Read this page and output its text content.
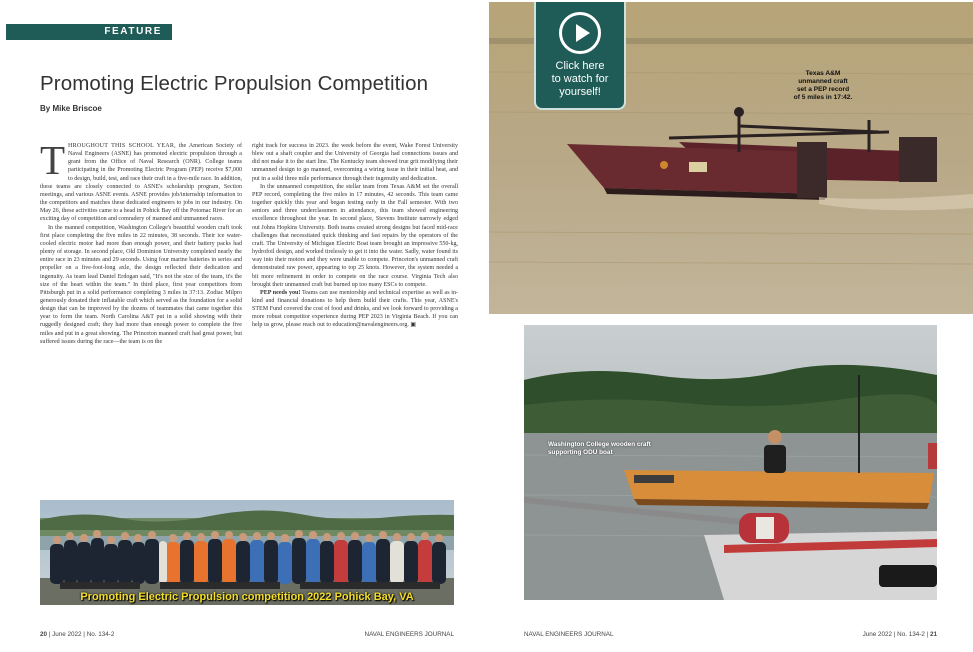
FEATURE
Promoting Electric Propulsion Competition
By Mike Briscoe

THROUGHOUT THIS SCHOOL YEAR, the American Society of Naval Engineers (ASNE) has promoted electric propulsion through a grant from the Office of Naval Research (ONR). College teams participating in the Promoting Electric Program (PEP) receive $7,000 to design, build, test, and race their craft in a five-mile race. In addition, these teams are closely connected to ASNE's scholarship program, Section meetings, and various ASNE events. ASNE provides job/internship information to the competitors and matches these dedicated engineers to jobs in our industry. On May 26, these activities came to a head in Pohick Bay off the Potomac River for an exciting day of competition and comradery of manned and unmanned races.

In the manned competition, Washington College's beautiful wooden craft took first place completing the five miles in 22 minutes, 38 seconds. Their ice water-cooled electric motor had more than enough power, and their battery packs had plenty of storage. In second place, Old Dominion University completed nearly the entire race in 23 minutes and 29 seconds. Using four marine batteries in series and propeller on a five-foot-long axle, the design reflected their dedication and ingenuity. As team lead Daniel Erdogan said, "It's not the size of the team, it's the size of the heart within the team." In third place, first year competitors from Pittsburgh put in a solid performance completing 3 miles in 37:13. Zodiac Milpro generously donated their inflatable craft which served as the foundation for a solid design that can be improved by the dozens of teammates that came together this year to form the team. North Carolina A&T put in a solid showing with their ruggedly designed craft; they had more than enough power to complete the five miles and put in a great showing. The Princeton manned craft had great power, but suffered issues during the race—the team is on the

right track for success in 2023. the week before the event, Wake Forest University blew out a shaft coupler and the University of Georgia had connections issues and did not make it to the start line. The Kentucky team showed true grit modifying their unmanned design to go manned, overcoming a wiring issue in their initial heat, and put in a solid three mile performance through their ingenuity and dedication.

In the unmanned competition, the stellar team from Texas A&M set the overall PEP record, completing the five miles in 17 minutes, 42 seconds. This team came together quickly this year and began testing early in the Fall semester. With two seniors and three underclassmen in attendance, this team showed engineering excellence throughout the year. In second place, Stevens Institute narrowly edged out Johns Hopkins University. Both teams created strong designs but faced mid-race challenges that necessitated quick thinking and fast repairs by the operators of the craft. The University of Michigan Electric Boat team brought an impressive 550-kg, hydrofoil design, and worked tirelessly to get it into the water. Sadly, water found its way into their motors and they were unable to compete. Princeton's unmanned craft demonstrated raw power, appearing to top 25 knots. However, the system needed a bit more refinement in order to compete on the race course. Virginia Tech also brought their unmanned craft but burned up too many ESCs to compete.

PEP needs you! Teams can use mentorship and technical expertise as well as in-kind and financial donations to help them build their crafts. This year, ASNE's STEM Fund covered the cost of food and drinks, and we look forward to providing a more robust competitor experience during PEP 2023 in Virginia Beach. If you can help us grow, please reach out to education@navalengineers.org. ▣

Promoting Electric Propulsion competition 2022 Pohick Bay, VA
20 | June 2022 | No. 134-2	NAVAL ENGINEERS JOURNAL
Click here
to watch for
yourself!
Texas A&M unmanned craft set a PEP record of 5 miles in 17:42.
Washington College wooden craft supporting ODU boat
NAVAL ENGINEERS JOURNAL	June 2022 | No. 134-2 | 21
